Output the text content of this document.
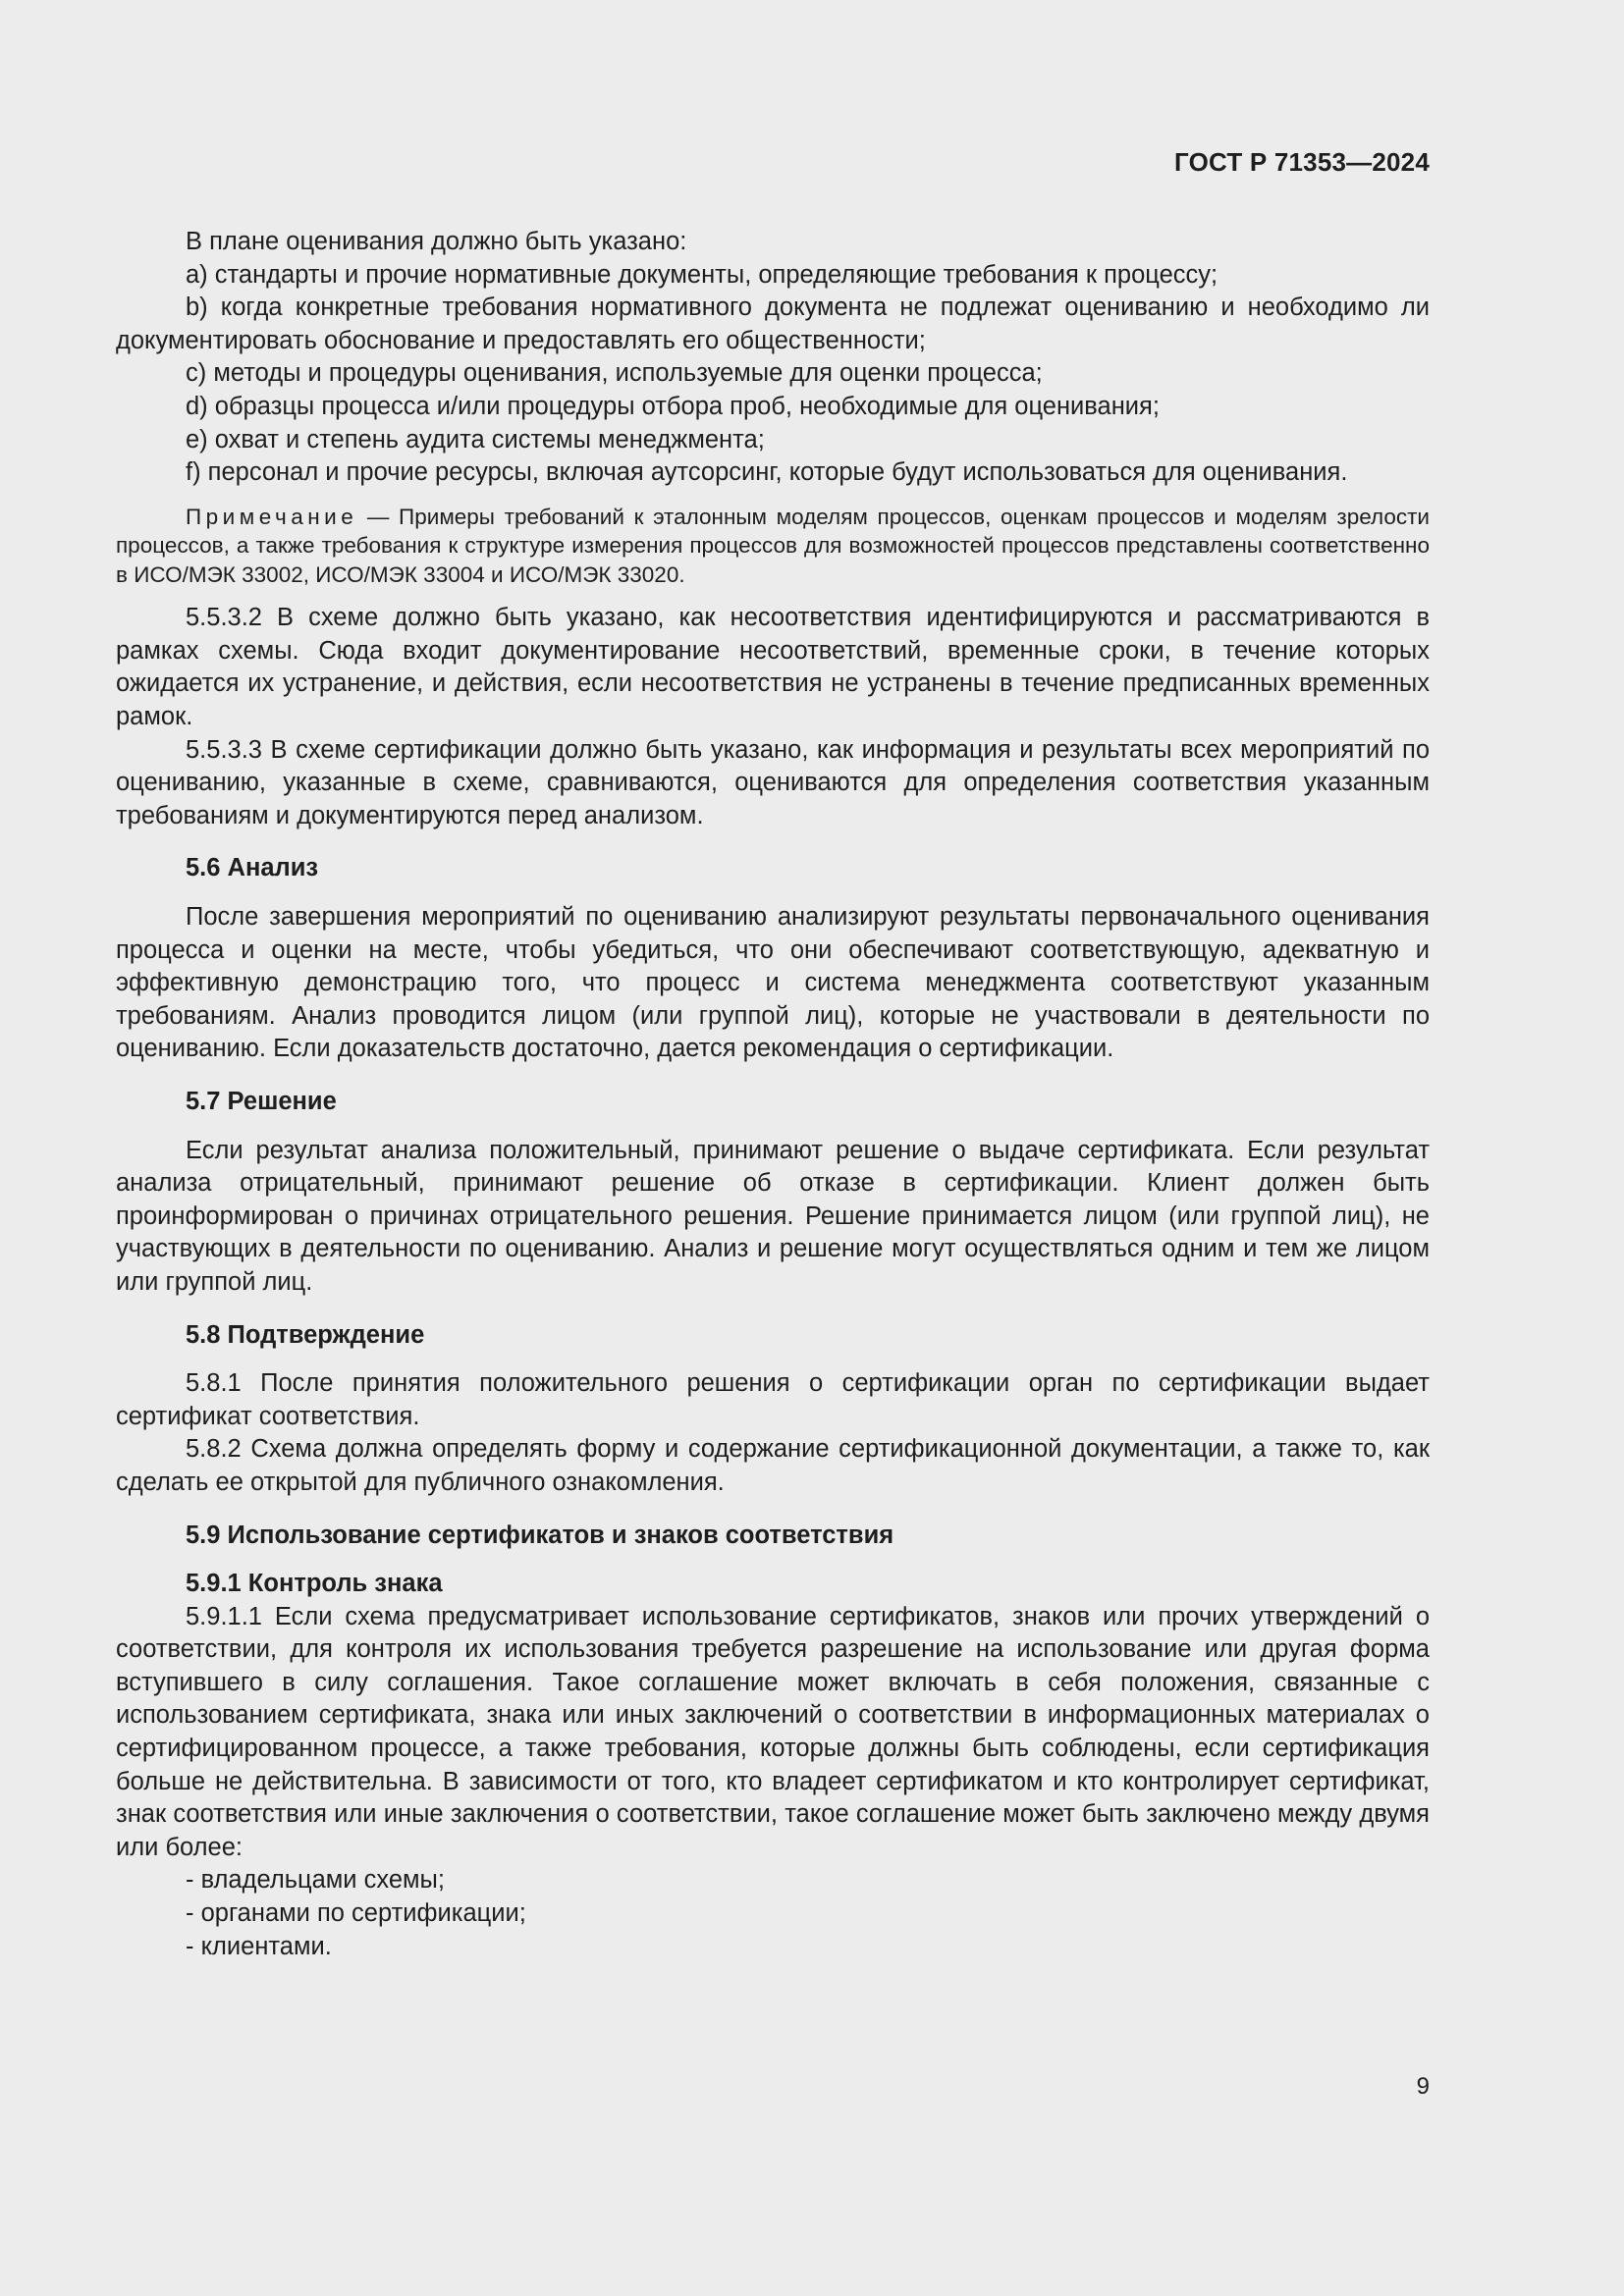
ГОСТ Р 71353—2024

В плане оценивания должно быть указано:

a) стандарты и прочие нормативные документы, определяющие требования к процессу;

b) когда конкретные требования нормативного документа не подлежат оцениванию и необходимо ли документировать обоснование и предоставлять его общественности;

c) методы и процедуры оценивания, используемые для оценки процесса;

d) образцы процесса и/или процедуры отбора проб, необходимые для оценивания;

e) охват и степень аудита системы менеджмента;

f) персонал и прочие ресурсы, включая аутсорсинг, которые будут использоваться для оценивания.

Примечание — Примеры требований к эталонным моделям процессов, оценкам процессов и моделям зрелости процессов, а также требования к структуре измерения процессов для возможностей процессов представлены соответственно в ИСО/МЭК 33002, ИСО/МЭК 33004 и ИСО/МЭК 33020.

5.5.3.2 В схеме должно быть указано, как несоответствия идентифицируются и рассматриваются в рамках схемы. Сюда входит документирование несоответствий, временные сроки, в течение которых ожидается их устранение, и действия, если несоответствия не устранены в течение предписанных временных рамок.

5.5.3.3 В схеме сертификации должно быть указано, как информация и результаты всех мероприятий по оцениванию, указанные в схеме, сравниваются, оцениваются для определения соответствия указанным требованиям и документируются перед анализом.

5.6 Анализ

После завершения мероприятий по оцениванию анализируют результаты первоначального оценивания процесса и оценки на месте, чтобы убедиться, что они обеспечивают соответствующую, адекватную и эффективную демонстрацию того, что процесс и система менеджмента соответствуют указанным требованиям. Анализ проводится лицом (или группой лиц), которые не участвовали в деятельности по оцениванию. Если доказательств достаточно, дается рекомендация о сертификации.

5.7 Решение

Если результат анализа положительный, принимают решение о выдаче сертификата. Если результат анализа отрицательный, принимают решение об отказе в сертификации. Клиент должен быть проинформирован о причинах отрицательного решения. Решение принимается лицом (или группой лиц), не участвующих в деятельности по оцениванию. Анализ и решение могут осуществляться одним и тем же лицом или группой лиц.

5.8 Подтверждение

5.8.1 После принятия положительного решения о сертификации орган по сертификации выдает сертификат соответствия.

5.8.2 Схема должна определять форму и содержание сертификационной документации, а также то, как сделать ее открытой для публичного ознакомления.

5.9 Использование сертификатов и знаков соответствия
5.9.1 Контроль знака

5.9.1.1 Если схема предусматривает использование сертификатов, знаков или прочих утверждений о соответствии, для контроля их использования требуется разрешение на использование или другая форма вступившего в силу соглашения. Такое соглашение может включать в себя положения, связанные с использованием сертификата, знака или иных заключений о соответствии в информационных материалах о сертифицированном процессе, а также требования, которые должны быть соблюдены, если сертификация больше не действительна. В зависимости от того, кто владеет сертификатом и кто контролирует сертификат, знак соответствия или иные заключения о соответствии, такое соглашение может быть заключено между двумя или более:

- владельцами схемы;

- органами по сертификации;

- клиентами.

9
